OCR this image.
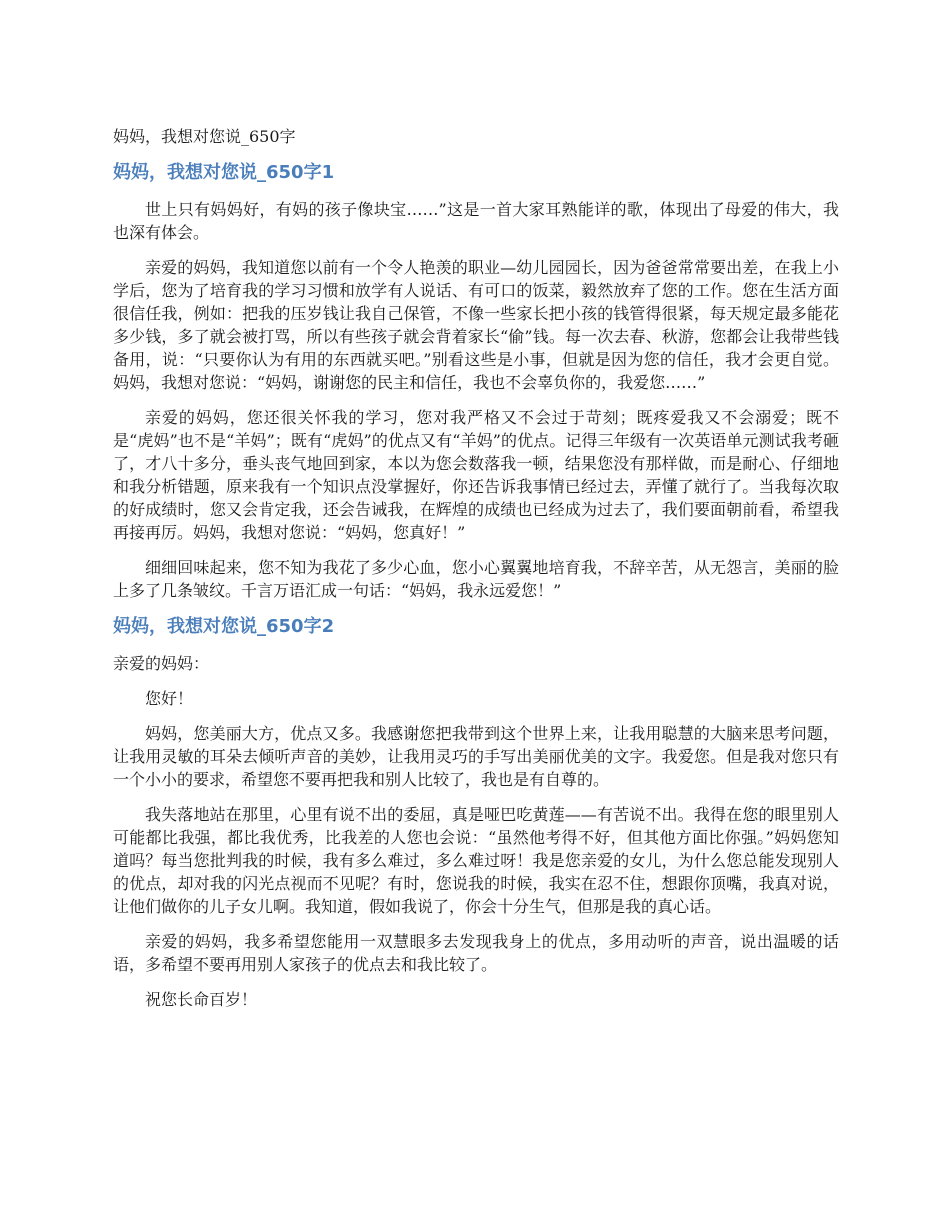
妈妈，我想对您说_650字
妈妈，我想对您说_650字1

世上只有妈妈好，有妈的孩子像块宝……”这是一首大家耳熟能详的歌，体现出了母爱的伟大，我也深有体会。

亲爱的妈妈，我知道您以前有一个令人艳羡的职业—幼儿园园长，因为爸爸常常要出差，在我上小学后，您为了培育我的学习习惯和放学有人说话、有可口的饭菜，毅然放弃了您的工作。您在生活方面很信任我，例如：把我的压岁钱让我自己保管，不像一些家长把小孩的钱管得很紧，每天规定最多能花多少钱，多了就会被打骂，所以有些孩子就会背着家长“偷”钱。每一次去春、秋游，您都会让我带些钱备用，说：“只要你认为有用的东西就买吧。”别看这些是小事，但就是因为您的信任，我才会更自觉。妈妈，我想对您说：“妈妈，谢谢您的民主和信任，我也不会辜负你的，我爱您……”

亲爱的妈妈，您还很关怀我的学习，您对我严格又不会过于苛刻；既疼爱我又不会溺爱；既不是“虎妈”也不是“羊妈”；既有“虎妈”的优点又有“羊妈”的优点。记得三年级有一次英语单元测试我考砸了，才八十多分，垂头丧气地回到家，本以为您会数落我一顿，结果您没有那样做，而是耐心、仔细地和我分析错题，原来我有一个知识点没掌握好，你还告诉我事情已经过去，弄懂了就行了。当我每次取的好成绩时，您又会肯定我，还会告诫我，在辉煌的成绩也已经成为过去了，我们要面朝前看，希望我再接再厉。妈妈，我想对您说：“妈妈，您真好！”

细细回味起来，您不知为我花了多少心血，您小心翼翼地培育我，不辞辛苦，从无怨言，美丽的脸上多了几条皱纹。千言万语汇成一句话：“妈妈，我永远爱您！”

妈妈，我想对您说_650字2

亲爱的妈妈：

您好！

妈妈，您美丽大方，优点又多。我感谢您把我带到这个世界上来，让我用聪慧的大脑来思考问题，让我用灵敏的耳朵去倾听声音的美妙，让我用灵巧的手写出美丽优美的文字。我爱您。但是我对您只有一个小小的要求，希望您不要再把我和别人比较了，我也是有自尊的。

我失落地站在那里，心里有说不出的委屈，真是哑巴吃黄莲——有苦说不出。我得在您的眼里别人可能都比我强，都比我优秀，比我差的人您也会说：“虽然他考得不好，但其他方面比你强。”妈妈您知道吗？每当您批判我的时候，我有多么难过，多么难过呀！我是您亲爱的女儿，为什么您总能发现别人的优点，却对我的闪光点视而不见呢？有时，您说我的时候，我实在忍不住，想跟你顶嘴，我真对说，让他们做你的儿子女儿啊。我知道，假如我说了，你会十分生气，但那是我的真心话。

亲爱的妈妈，我多希望您能用一双慧眼多去发现我身上的优点，多用动听的声音，说出温暖的话语，多希望不要再用别人家孩子的优点去和我比较了。

祝您长命百岁！
